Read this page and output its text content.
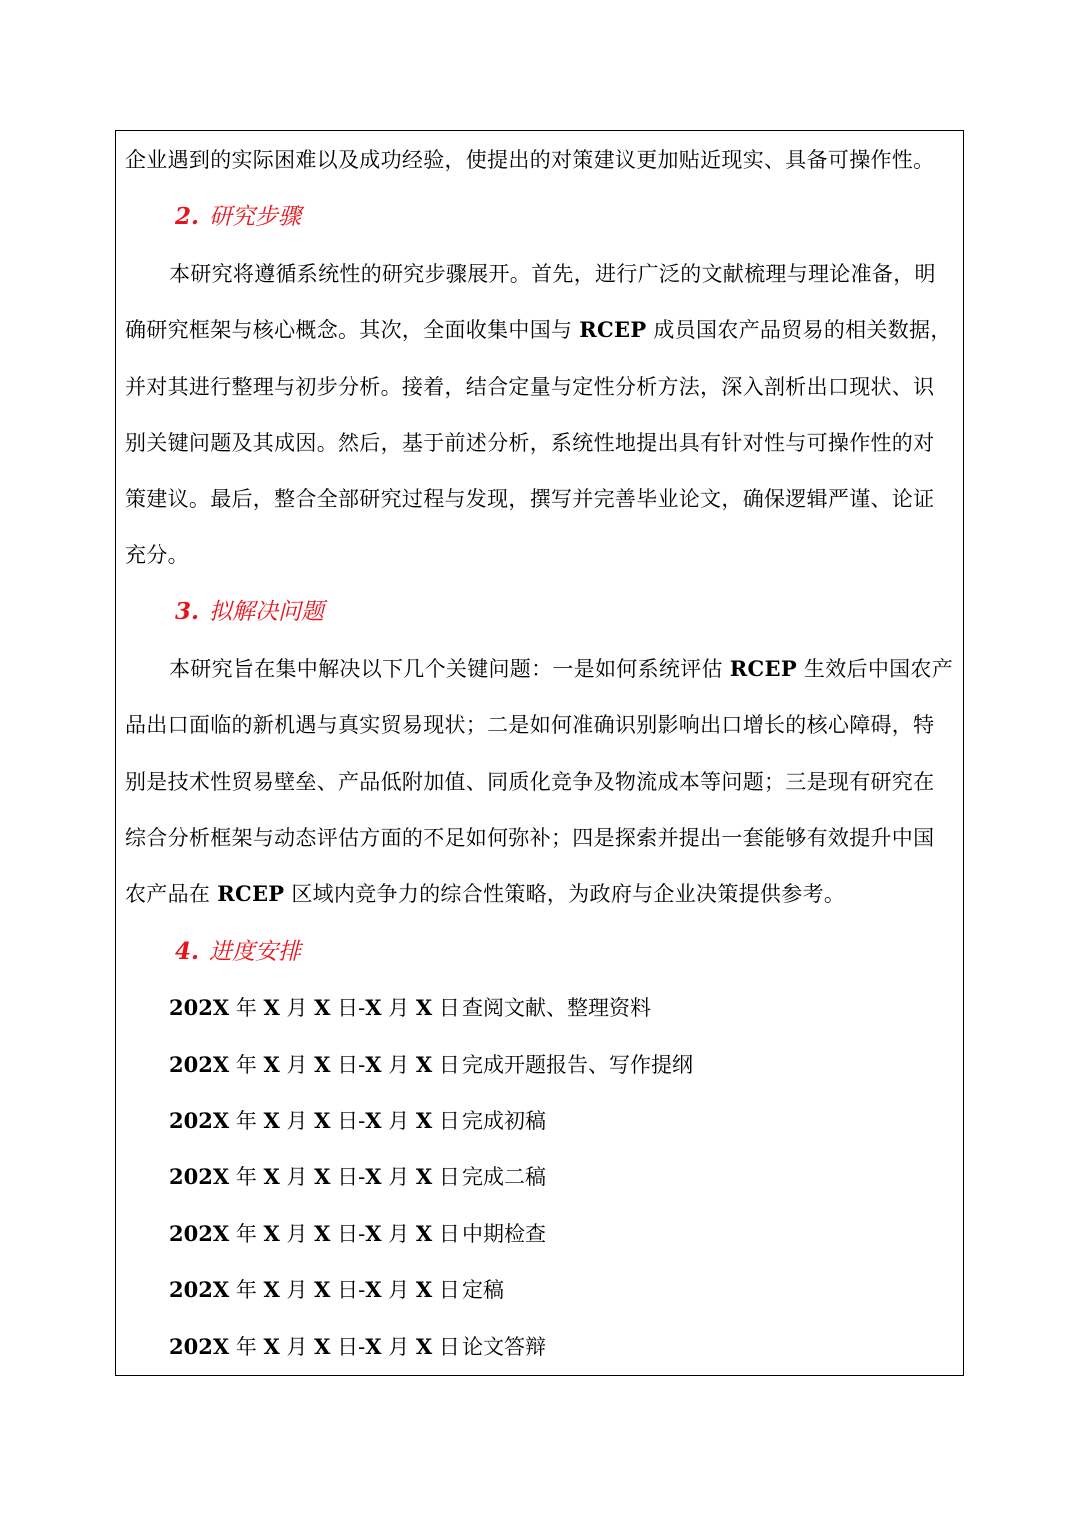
企业遇到的实际困难以及成功经验，使提出的对策建议更加贴近现实、具备可操作性。
2. 研究步骤
本研究将遵循系统性的研究步骤展开。首先，进行广泛的文献梳理与理论准备，明
确研究框架与核心概念。其次，全面收集中国与 RCEP 成员国农产品贸易的相关数据，
并对其进行整理与初步分析。接着，结合定量与定性分析方法，深入剖析出口现状、识
别关键问题及其成因。然后，基于前述分析，系统性地提出具有针对性与可操作性的对
策建议。最后，整合全部研究过程与发现，撰写并完善毕业论文，确保逻辑严谨、论证
充分。
3. 拟解决问题
本研究旨在集中解决以下几个关键问题：一是如何系统评估 RCEP 生效后中国农产
品出口面临的新机遇与真实贸易现状；二是如何准确识别影响出口增长的核心障碍，特
别是技术性贸易壁垒、产品低附加值、同质化竞争及物流成本等问题；三是现有研究在
综合分析框架与动态评估方面的不足如何弥补；四是探索并提出一套能够有效提升中国
农产品在 RCEP 区域内竞争力的综合性策略，为政府与企业决策提供参考。
4. 进度安排
202X 年 X 月 X 日-X 月 X 日 查阅文献、整理资料
202X 年 X 月 X 日-X 月 X 日 完成开题报告、写作提纲
202X 年 X 月 X 日-X 月 X 日 完成初稿
202X 年 X 月 X 日-X 月 X 日 完成二稿
202X 年 X 月 X 日-X 月 X 日 中期检查
202X 年 X 月 X 日-X 月 X 日 定稿
202X 年 X 月 X 日-X 月 X 日 论文答辩
